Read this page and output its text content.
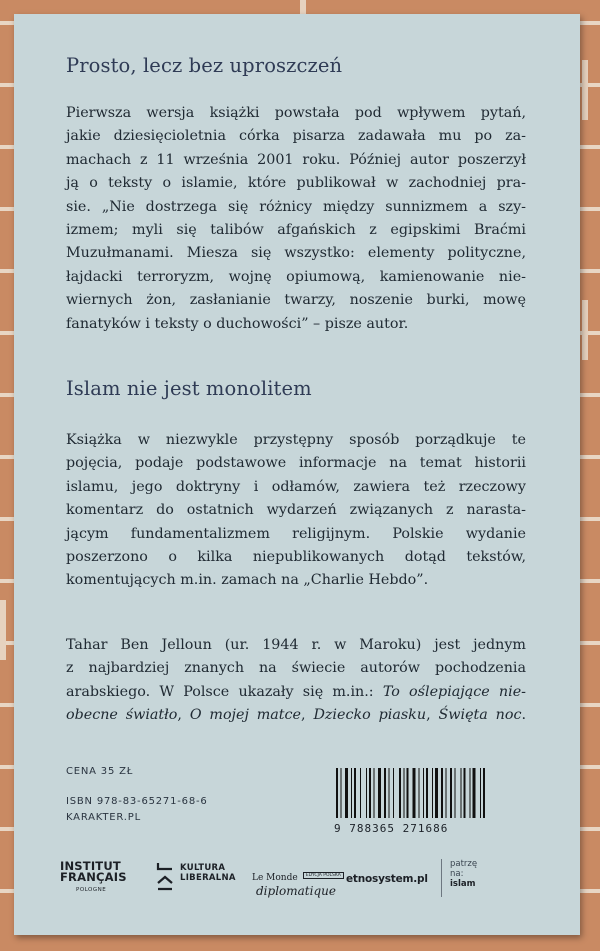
Prosto, lecz bez uproszczeń

Pierwsza wersja książki powstała pod wpływem pytań,

jakie dziesięcioletnia córka pisarza zadawała mu po za-

machach z 11 września 2001 roku. Później autor poszerzył

ją o teksty o islamie, które publikował w zachodniej pra-

sie. „Nie dostrzega się różnicy między sunnizmem a szy-

izmem; myli się talibów afgańskich z egipskimi Braćmi

Muzułmanami. Miesza się wszystko: elementy polityczne,

łajdacki terroryzm, wojnę opiumową, kamienowanie nie-

wiernych żon, zasłanianie twarzy, noszenie burki, mowę

fanatyków i teksty o duchowości” – pisze autor.

Islam nie jest monolitem

Książka w niezwykle przystępny sposób porządkuje te

pojęcia, podaje podstawowe informacje na temat historii

islamu, jego doktryny i odłamów, zawiera też rzeczowy

komentarz do ostatnich wydarzeń związanych z narasta-

jącym fundamentalizmem religijnym. Polskie wydanie

poszerzono o kilka niepublikowanych dotąd tekstów,

komentujących m.in. zamach na „Charlie Hebdo”.

Tahar Ben Jelloun (ur. 1944 r. w Maroku) jest jednym

z najbardziej znanych na świecie autorów pochodzenia

arabskiego. W Polsce ukazały się m.in.: To oślepiające nie-

obecne światło, O mojej matce, Dziecko piasku, Święta noc.

CENA 35 ZŁ
ISBN 978-83-65271-68-6
KARAKTER.PL
9 788365 271686
INSTITUT
FRANÇAIS
POLOGNE
KULTURA
LIBERALNA Le Monde EDYCJA POLSKA
diplomatique
etnosystem.pl
patrzę
na:
islam
